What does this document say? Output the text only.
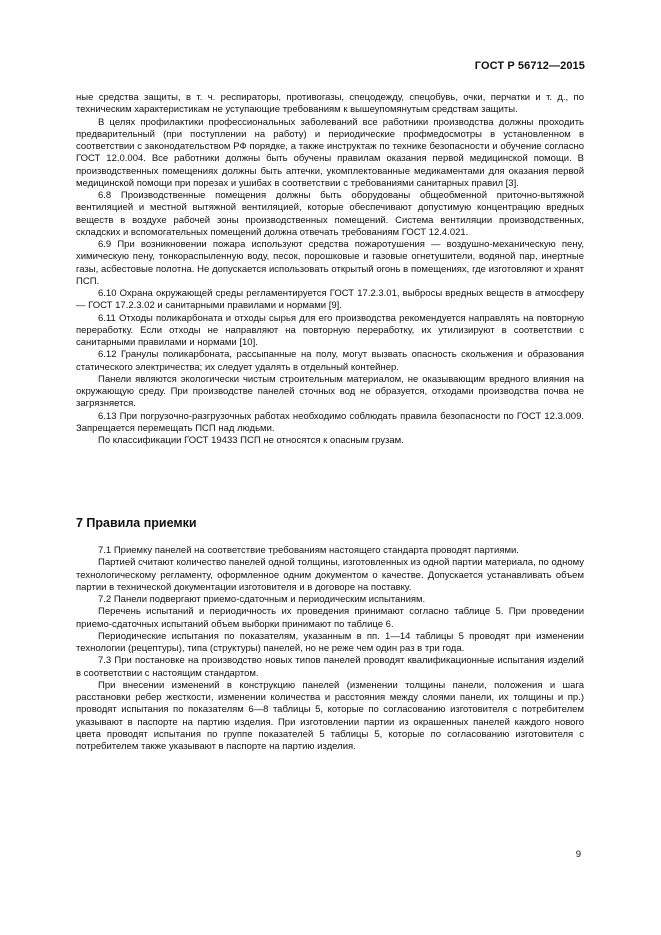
ГОСТ Р 56712—2015

ные средства защиты, в т. ч. респираторы, противогазы, спецодежду, спецобувь, очки, перчатки и т. д., по техническим характеристикам не уступающие требованиям к вышеупомянутым средствам защиты.

В целях профилактики профессиональных заболеваний все работники производства должны проходить предварительный (при поступлении на работу) и периодические профмедосмотры в установленном в соответствии с законодательством РФ порядке, а также инструктаж по технике безопасности и обучение согласно ГОСТ 12.0.004. Все работники должны быть обучены правилам оказания первой медицинской помощи. В производственных помещениях должны быть аптечки, укомплектованные медикаментами для оказания первой медицинской помощи при порезах и ушибах в соответствии с требованиями санитарных правил [3].

6.8 Производственные помещения должны быть оборудованы общеобменной приточно-вытяжной вентиляцией и местной вытяжной вентиляцией, которые обеспечивают допустимую концентрацию вредных веществ в воздухе рабочей зоны производственных помещений. Система вентиляции производственных, складских и вспомогательных помещений должна отвечать требованиям ГОСТ 12.4.021.

6.9 При возникновении пожара используют средства пожаротушения — воздушно-механическую пену, химическую пену, тонкораспыленную воду, песок, порошковые и газовые огнетушители, водяной пар, инертные газы, асбестовые полотна. Не допускается использовать открытый огонь в помещениях, где изготовляют и хранят ПСП.

6.10 Охрана окружающей среды регламентируется ГОСТ 17.2.3.01, выбросы вредных веществ в атмосферу — ГОСТ 17.2.3.02 и санитарными правилами и нормами [9].

6.11 Отходы поликарбоната и отходы сырья для его производства рекомендуется направлять на повторную переработку. Если отходы не направляют на повторную переработку, их утилизируют в соответствии с санитарными правилами и нормами [10].

6.12 Гранулы поликарбоната, рассыпанные на полу, могут вызвать опасность скольжения и образования статического электричества; их следует удалять в отдельный контейнер.

Панели являются экологически чистым строительным материалом, не оказывающим вредного влияния на окружающую среду. При производстве панелей сточных вод не образуется, отходами производства почва не загрязняется.

6.13 При погрузочно-разгрузочных работах необходимо соблюдать правила безопасности по ГОСТ 12.3.009. Запрещается перемещать ПСП над людьми.

По классификации ГОСТ 19433 ПСП не относятся к опасным грузам.

7 Правила приемки

7.1 Приемку панелей на соответствие требованиям настоящего стандарта проводят партиями.

Партией считают количество панелей одной толщины, изготовленных из одной партии материала, по одному технологическому регламенту, оформленное одним документом о качестве. Допускается устанавливать объем партии в технической документации изготовителя и в договоре на поставку.

7.2 Панели подвергают приемо-сдаточным и периодическим испытаниям.

Перечень испытаний и периодичность их проведения принимают согласно таблице 5. При проведении приемо-сдаточных испытаний объем выборки принимают по таблице 6.

Периодические испытания по показателям, указанным в пп. 1—14 таблицы 5 проводят при изменении технологии (рецептуры), типа (структуры) панелей, но не реже чем один раз в три года.

7.3 При постановке на производство новых типов панелей проводят квалификационные испытания изделий в соответствии с настоящим стандартом.

При внесении изменений в конструкцию панелей (изменении толщины панели, положения и шага расстановки ребер жесткости, изменении количества и расстояния между слоями панели, их толщины и пр.) проводят испытания по показателям 6—8 таблицы 5, которые по согласованию изготовителя с потребителем указывают в паспорте на партию изделия. При изготовлении партии из окрашенных панелей каждого нового цвета проводят испытания по группе показателей 5 таблицы 5, которые по согласованию изготовителя с потребителем также указывают в паспорте на партию изделия.

9
